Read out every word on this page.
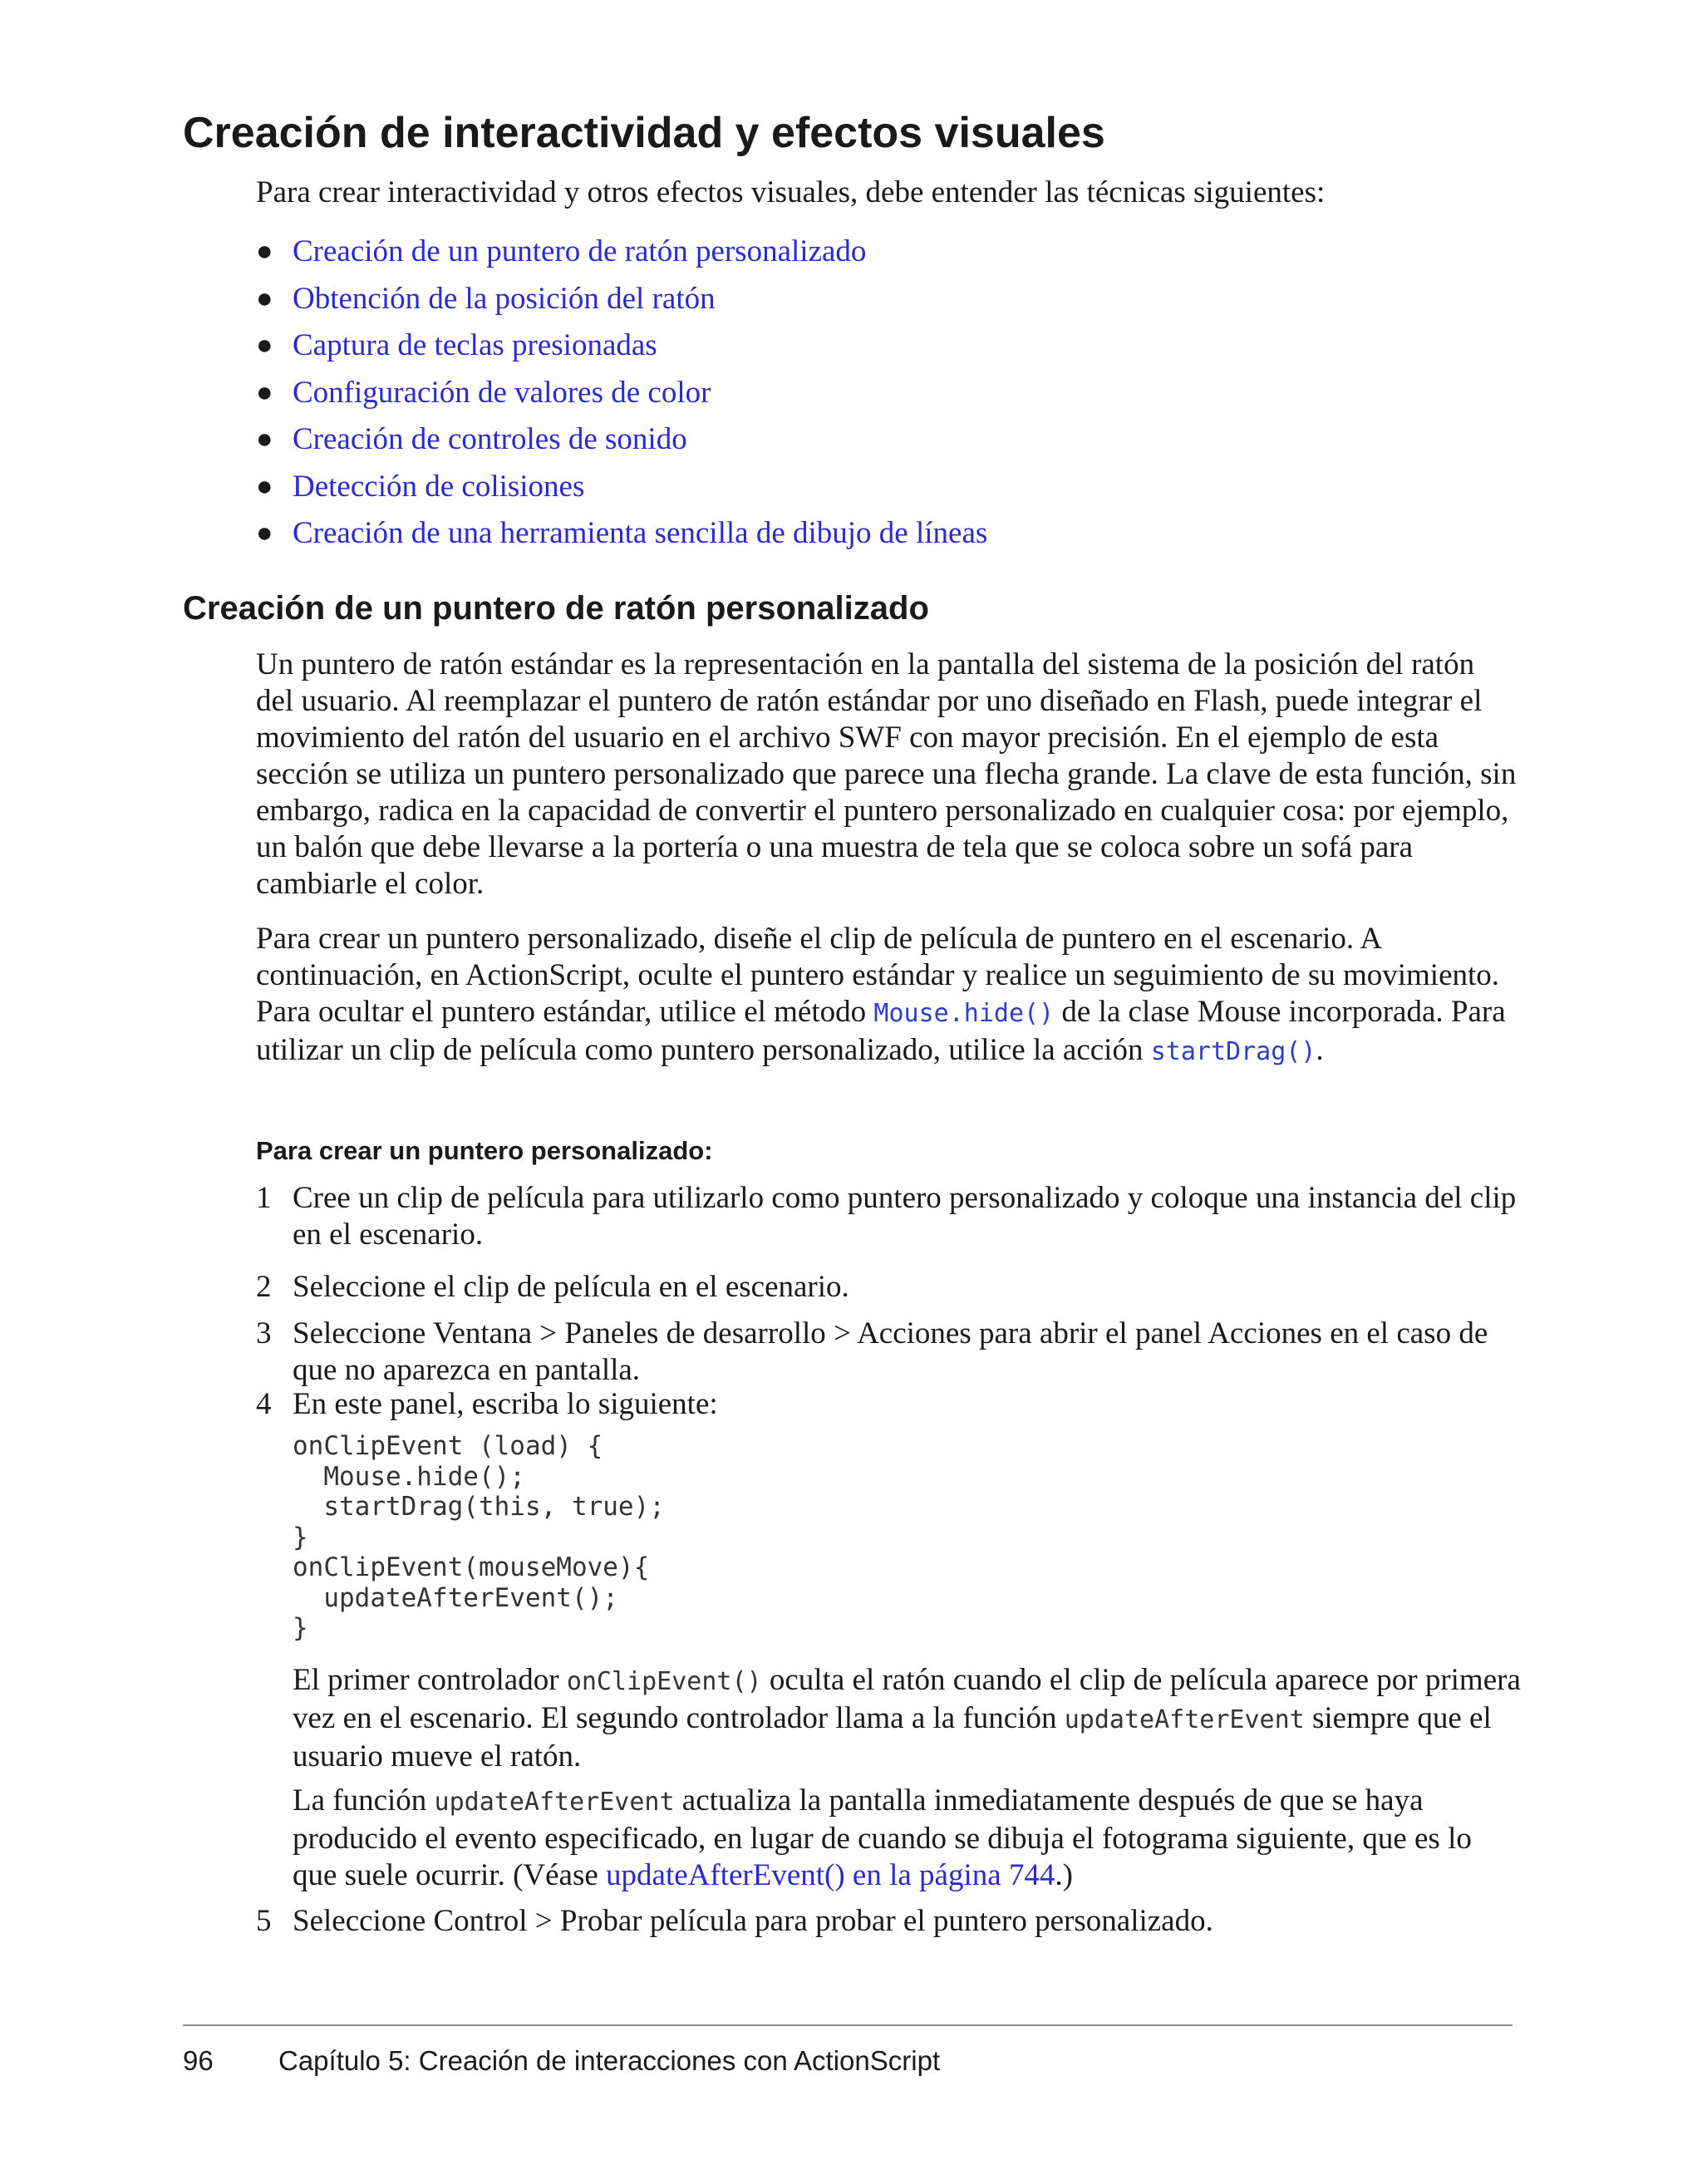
Creación de interactividad y efectos visuales

Para crear interactividad y otros efectos visuales, debe entender las técnicas siguientes:

● Creación de un puntero de ratón personalizado
● Obtención de la posición del ratón
● Captura de teclas presionadas
● Configuración de valores de color
● Creación de controles de sonido
● Detección de colisiones
● Creación de una herramienta sencilla de dibujo de líneas
Creación de un puntero de ratón personalizado

Un puntero de ratón estándar es la representación en la pantalla del sistema de la posición del ratón del usuario. Al reemplazar el puntero de ratón estándar por uno diseñado en Flash, puede integrar el movimiento del ratón del usuario en el archivo SWF con mayor precisión. En el ejemplo de esta sección se utiliza un puntero personalizado que parece una flecha grande. La clave de esta función, sin embargo, radica en la capacidad de convertir el puntero personalizado en cualquier cosa: por ejemplo, un balón que debe llevarse a la portería o una muestra de tela que se coloca sobre un sofá para cambiarle el color.

Para crear un puntero personalizado, diseñe el clip de película de puntero en el escenario. A continuación, en ActionScript, oculte el puntero estándar y realice un seguimiento de su movimiento. Para ocultar el puntero estándar, utilice el método Mouse.hide() de la clase Mouse incorporada. Para utilizar un clip de película como puntero personalizado, utilice la acción startDrag().

Para crear un puntero personalizado:
1 Cree un clip de película para utilizarlo como puntero personalizado y coloque una instancia del clip en el escenario.
2 Seleccione el clip de película en el escenario.
3 Seleccione Ventana > Paneles de desarrollo > Acciones para abrir el panel Acciones en el caso de que no aparezca en pantalla.
4 En este panel, escriba lo siguiente:
onClipEvent (load) {
Mouse.hide();
startDrag(this, true);
}
onClipEvent(mouseMove){
updateAfterEvent();
}

El primer controlador onClipEvent() oculta el ratón cuando el clip de película aparece por primera vez en el escenario. El segundo controlador llama a la función updateAfterEvent siempre que el usuario mueve el ratón.

La función updateAfterEvent actualiza la pantalla inmediatamente después de que se haya producido el evento especificado, en lugar de cuando se dibuja el fotograma siguiente, que es lo que suele ocurrir. (Véase updateAfterEvent() en la página 744.)

5 Seleccione Control > Probar película para probar el puntero personalizado.
96 Capítulo 5: Creación de interacciones con ActionScript
